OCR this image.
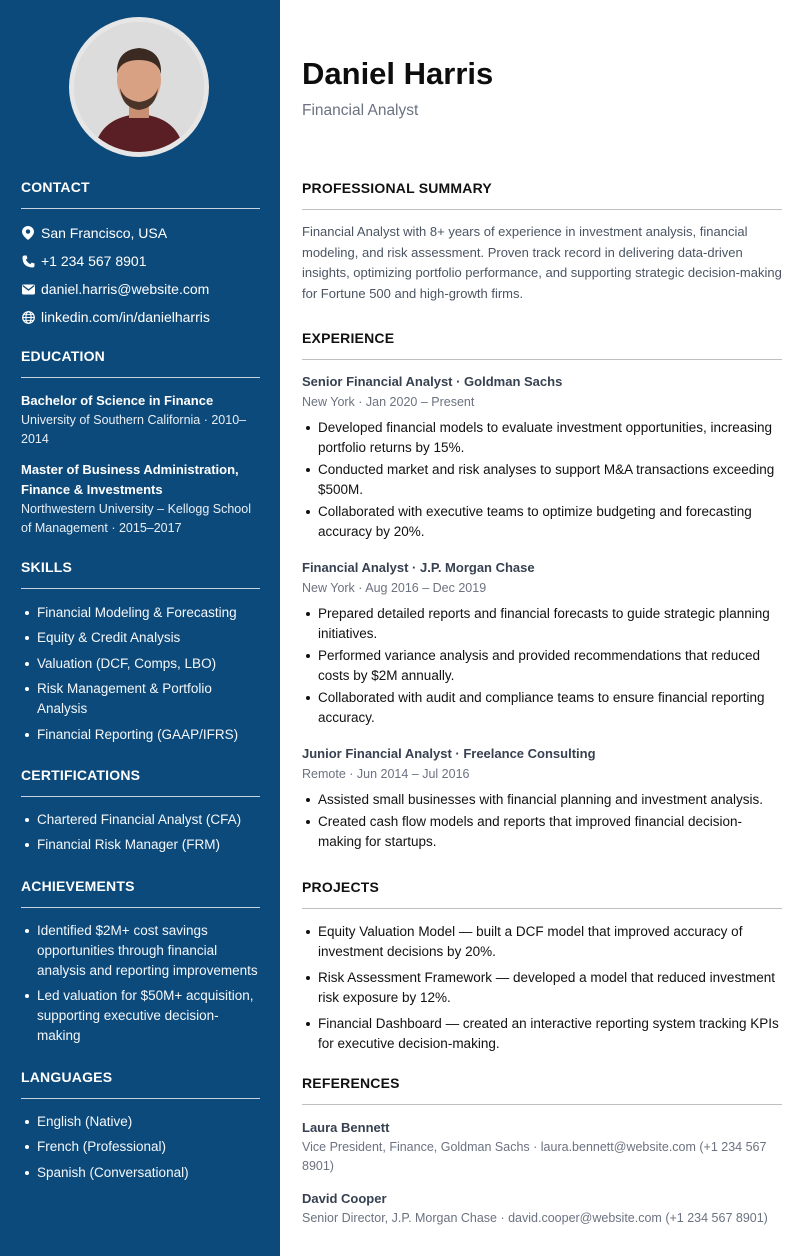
CONTACT
San Francisco, USA
+1 234 567 8901
daniel.harris@website.com
linkedin.com/in/danielharris
EDUCATION
Bachelor of Science in Finance
University of Southern California · 2010–2014
Master of Business Administration, Finance & Investments
Northwestern University – Kellogg School of Management · 2015–2017
SKILLS
Financial Modeling & Forecasting
Equity & Credit Analysis
Valuation (DCF, Comps, LBO)
Risk Management & Portfolio Analysis
Financial Reporting (GAAP/IFRS)
CERTIFICATIONS
Chartered Financial Analyst (CFA)
Financial Risk Manager (FRM)
ACHIEVEMENTS
Identified $2M+ cost savings opportunities through financial analysis and reporting improvements
Led valuation for $50M+ acquisition, supporting executive decision-making
LANGUAGES
English (Native)
French (Professional)
Spanish (Conversational)
Daniel Harris
Financial Analyst
PROFESSIONAL SUMMARY

Financial Analyst with 8+ years of experience in investment analysis, financial modeling, and risk assessment. Proven track record in delivering data-driven insights, optimizing portfolio performance, and supporting strategic decision-making for Fortune 500 and high-growth firms.

EXPERIENCE
Senior Financial Analyst · Goldman Sachs
New York · Jan 2020 – Present
Developed financial models to evaluate investment opportunities, increasing portfolio returns by 15%.
Conducted market and risk analyses to support M&A transactions exceeding $500M.
Collaborated with executive teams to optimize budgeting and forecasting accuracy by 20%.
Financial Analyst · J.P. Morgan Chase
New York · Aug 2016 – Dec 2019
Prepared detailed reports and financial forecasts to guide strategic planning initiatives.
Performed variance analysis and provided recommendations that reduced costs by $2M annually.
Collaborated with audit and compliance teams to ensure financial reporting accuracy.
Junior Financial Analyst · Freelance Consulting
Remote · Jun 2014 – Jul 2016
Assisted small businesses with financial planning and investment analysis.
Created cash flow models and reports that improved financial decision-making for startups.
PROJECTS
Equity Valuation Model — built a DCF model that improved accuracy of investment decisions by 20%.
Risk Assessment Framework — developed a model that reduced investment risk exposure by 12%.
Financial Dashboard — created an interactive reporting system tracking KPIs for executive decision-making.
REFERENCES
Laura Bennett
Vice President, Finance, Goldman Sachs · laura.bennett@website.com (+1 234 567 8901)
David Cooper
Senior Director, J.P. Morgan Chase · david.cooper@website.com (+1 234 567 8901)
